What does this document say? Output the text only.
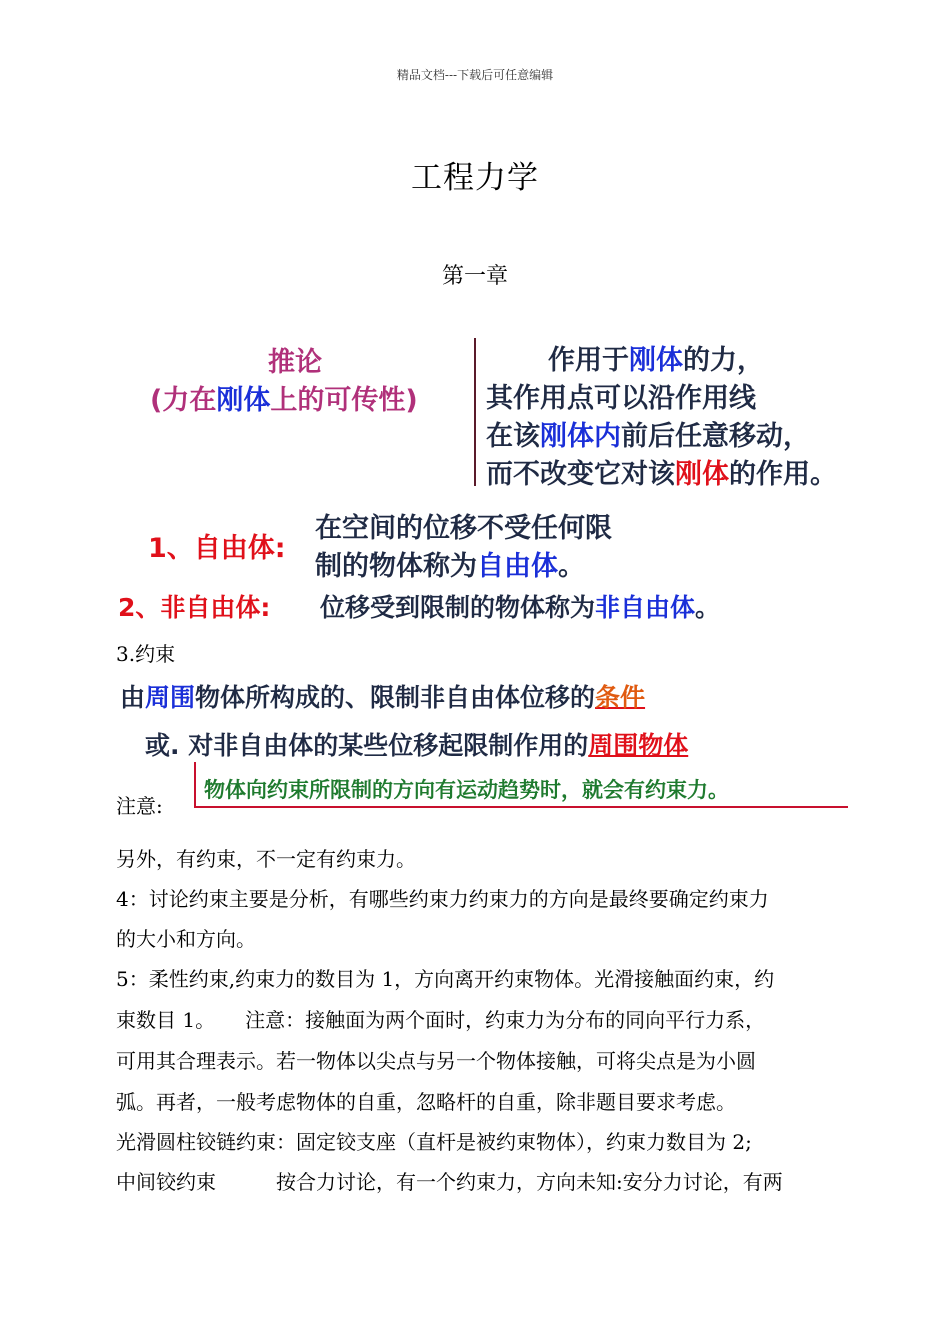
精品文档---下载后可任意编辑
工程力学
第一章
推论
(力在刚体上的可传性)
作用于刚体的力，
其作用点可以沿作用线
在该刚体内前后任意移动，
而不改变它对该刚体的作用。
1、自由体:
在空间的位移不受任何限
制的物体称为自由体。
2、非自由体: 位移受到限制的物体称为非自由体。
3.约束
由周围物体所构成的、限制非自由体位移的条件
或. 对非自由体的某些位移起限制作用的周围物体
注意:
物体向约束所限制的方向有运动趋势时，就会有约束力。
另外，有约束，不一定有约束力。
4：讨论约束主要是分析，有哪些约束力约束力的方向是最终要确定约束力
的大小和方向。
5：柔性约束,约束力的数目为 1，方向离开约束物体。光滑接触面约束，约
束数目 1。　　注意：接触面为两个面时，约束力为分布的同向平行力系，
可用其合理表示。若一物体以尖点与另一个物体接触，可将尖点是为小圆
弧。再者，一般考虑物体的自重，忽略杆的自重，除非题目要求考虑。
光滑圆柱铰链约束：固定铰支座（直杆是被约束物体），约束力数目为 2;
中间铰约束　　　按合力讨论，有一个约束力，方向未知:安分力讨论，有两
